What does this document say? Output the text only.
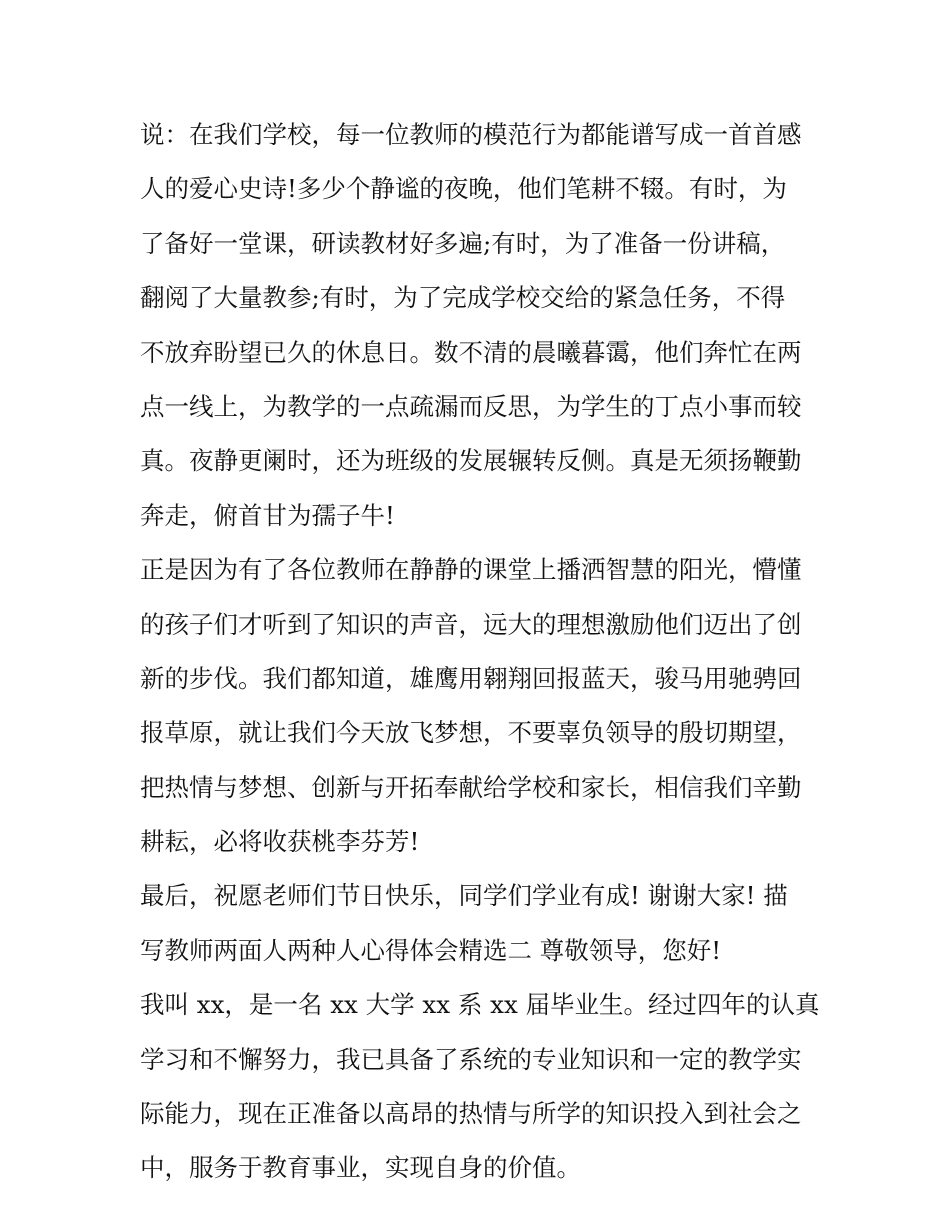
说：在我们学校，每一位教师的模范行为都能谱写成一首首感
人的爱心史诗!多少个静谧的夜晚，他们笔耕不辍。有时，为
了备好一堂课，研读教材好多遍;有时，为了准备一份讲稿，
翻阅了大量教参;有时，为了完成学校交给的紧急任务，不得
不放弃盼望已久的休息日。数不清的晨曦暮霭，他们奔忙在两
点一线上，为教学的一点疏漏而反思，为学生的丁点小事而较
真。夜静更阑时，还为班级的发展辗转反侧。真是无须扬鞭勤
奔走，俯首甘为孺子牛!
正是因为有了各位教师在静静的课堂上播洒智慧的阳光，懵懂
的孩子们才听到了知识的声音，远大的理想激励他们迈出了创
新的步伐。我们都知道，雄鹰用翱翔回报蓝天，骏马用驰骋回
报草原，就让我们今天放飞梦想，不要辜负领导的殷切期望，
把热情与梦想、创新与开拓奉献给学校和家长，相信我们辛勤
耕耘，必将收获桃李芬芳!
最后，祝愿老师们节日快乐，同学们学业有成! 谢谢大家! 描
写教师两面人两种人心得体会精选二 尊敬领导，您好!
我叫 xx，是一名 xx 大学 xx 系 xx 届毕业生。经过四年的认真
学习和不懈努力，我已具备了系统的专业知识和一定的教学实
际能力，现在正准备以高昂的热情与所学的知识投入到社会之
中，服务于教育事业，实现自身的价值。
